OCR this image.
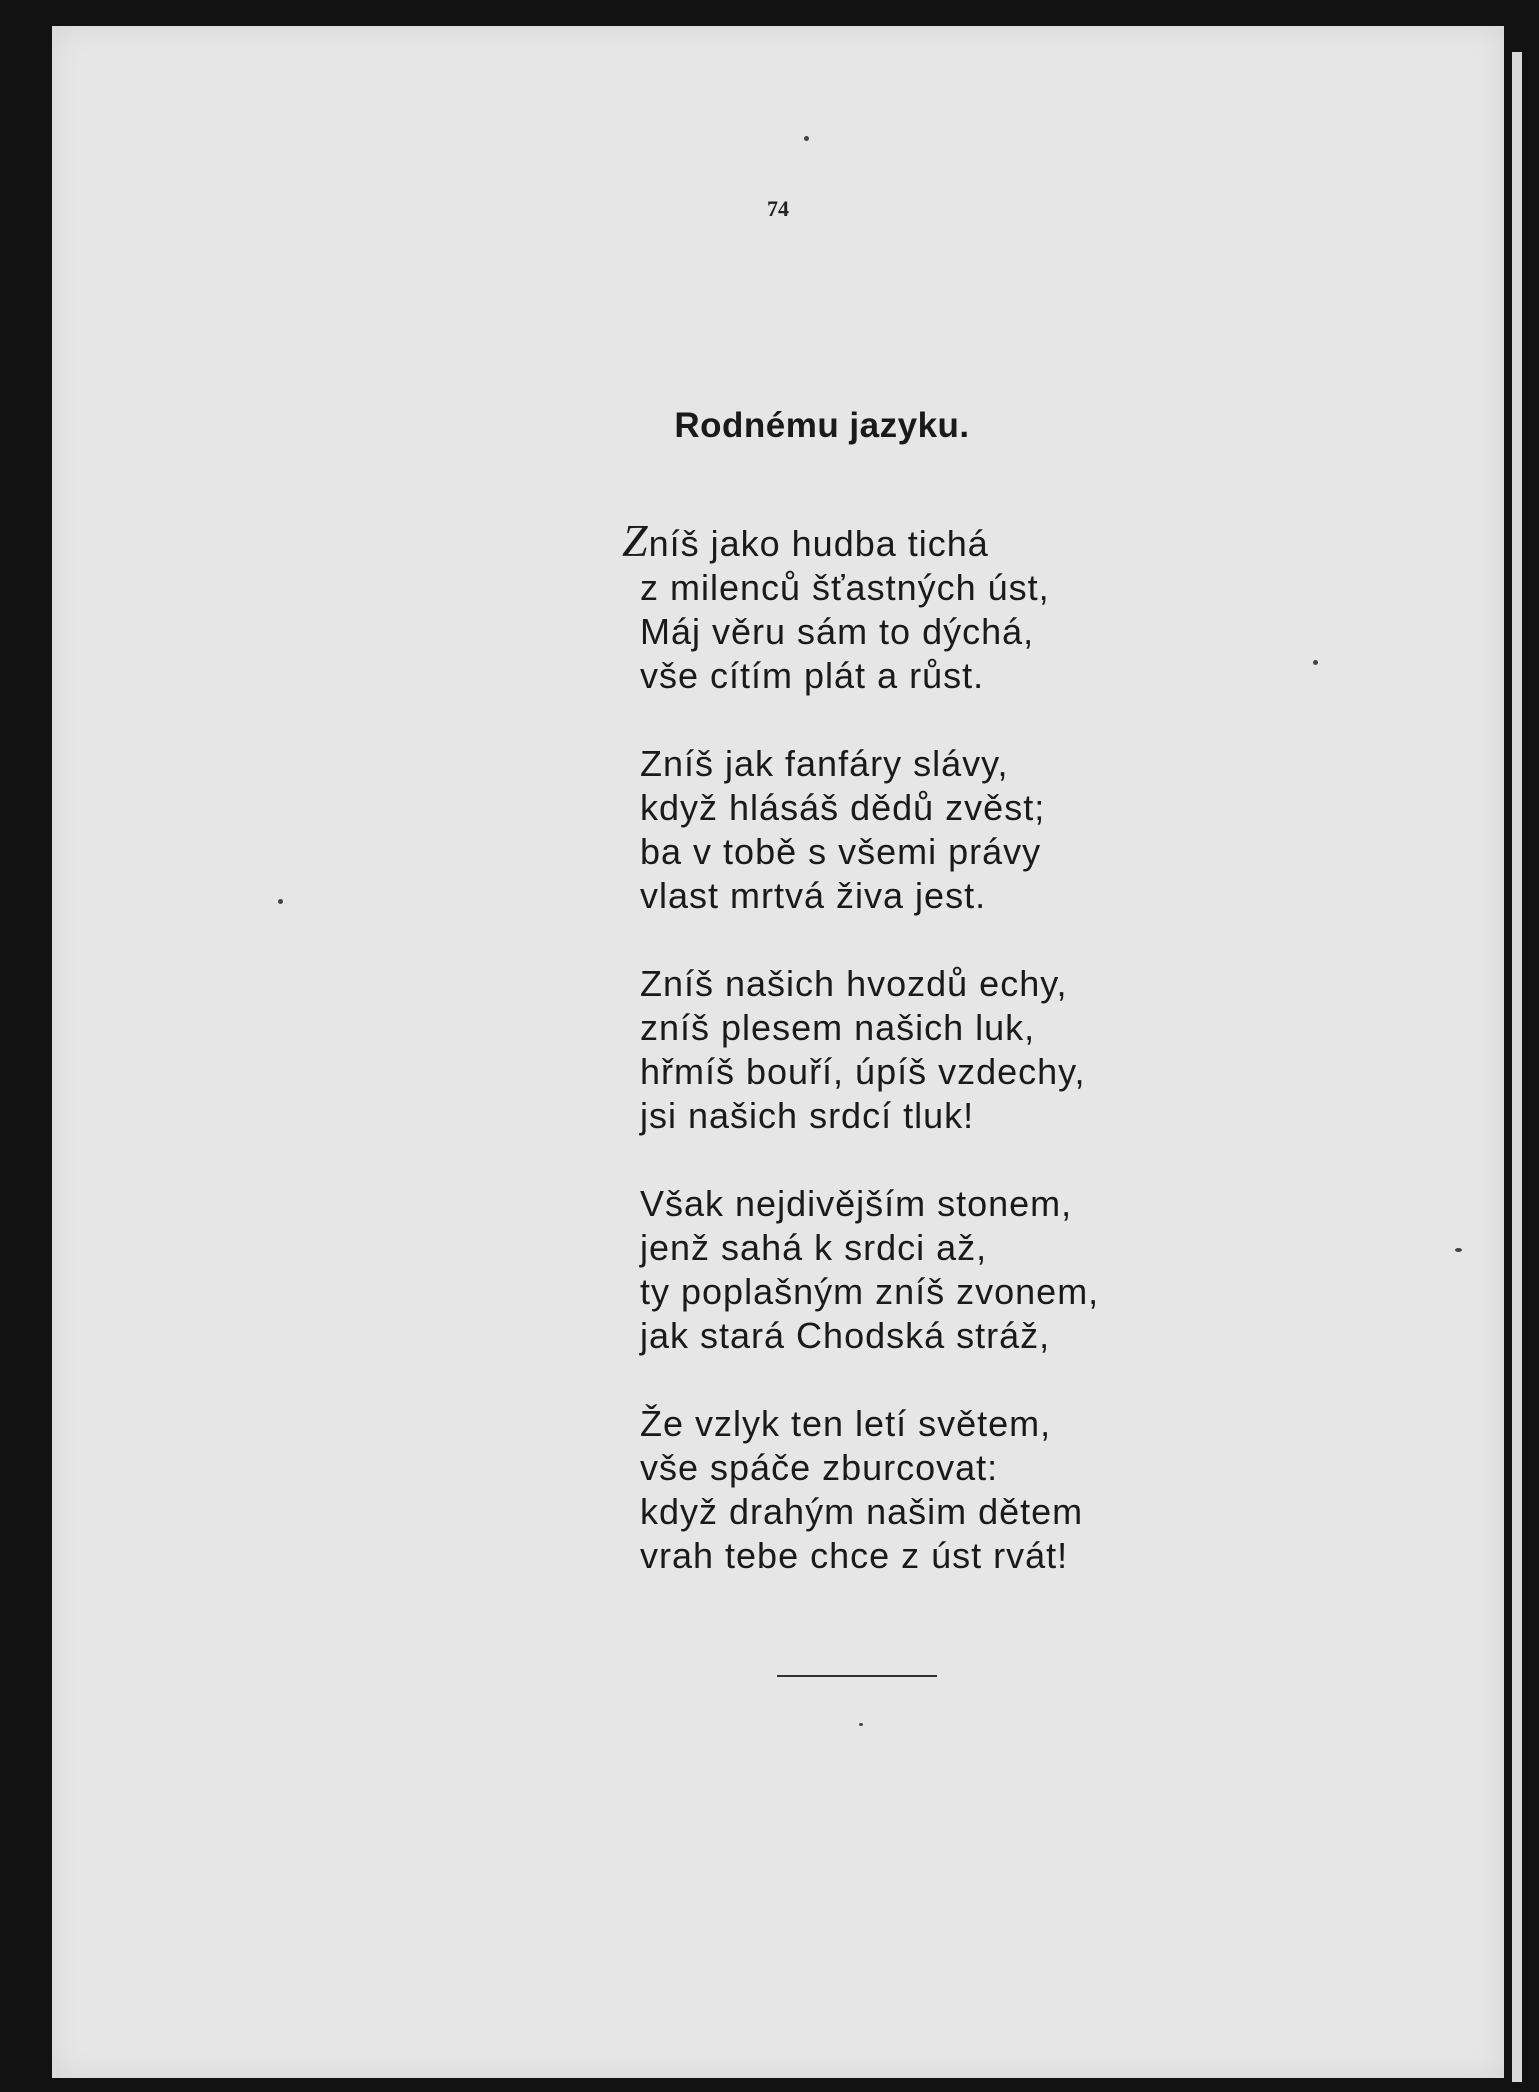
74
Rodnému jazyku.
Zníš jako hudba tichá
z milenců šťastných úst,
Máj věru sám to dýchá,
vše cítím plát a růst.
Zníš jak fanfáry slávy,
když hlásáš dědů zvěst;
ba v tobě s všemi právy
vlast mrtvá živa jest.
Zníš našich hvozdů echy,
zníš plesem našich luk,
hřmíš bouří, úpíš vzdechy,
jsi našich srdcí tluk!
Však nejdivějším stonem,
jenž sahá k srdci až,
ty poplašným zníš zvonem,
jak stará Chodská stráž,
Že vzlyk ten letí světem,
vše spáče zburcovat:
když drahým našim dětem
vrah tebe chce z úst rvát!
